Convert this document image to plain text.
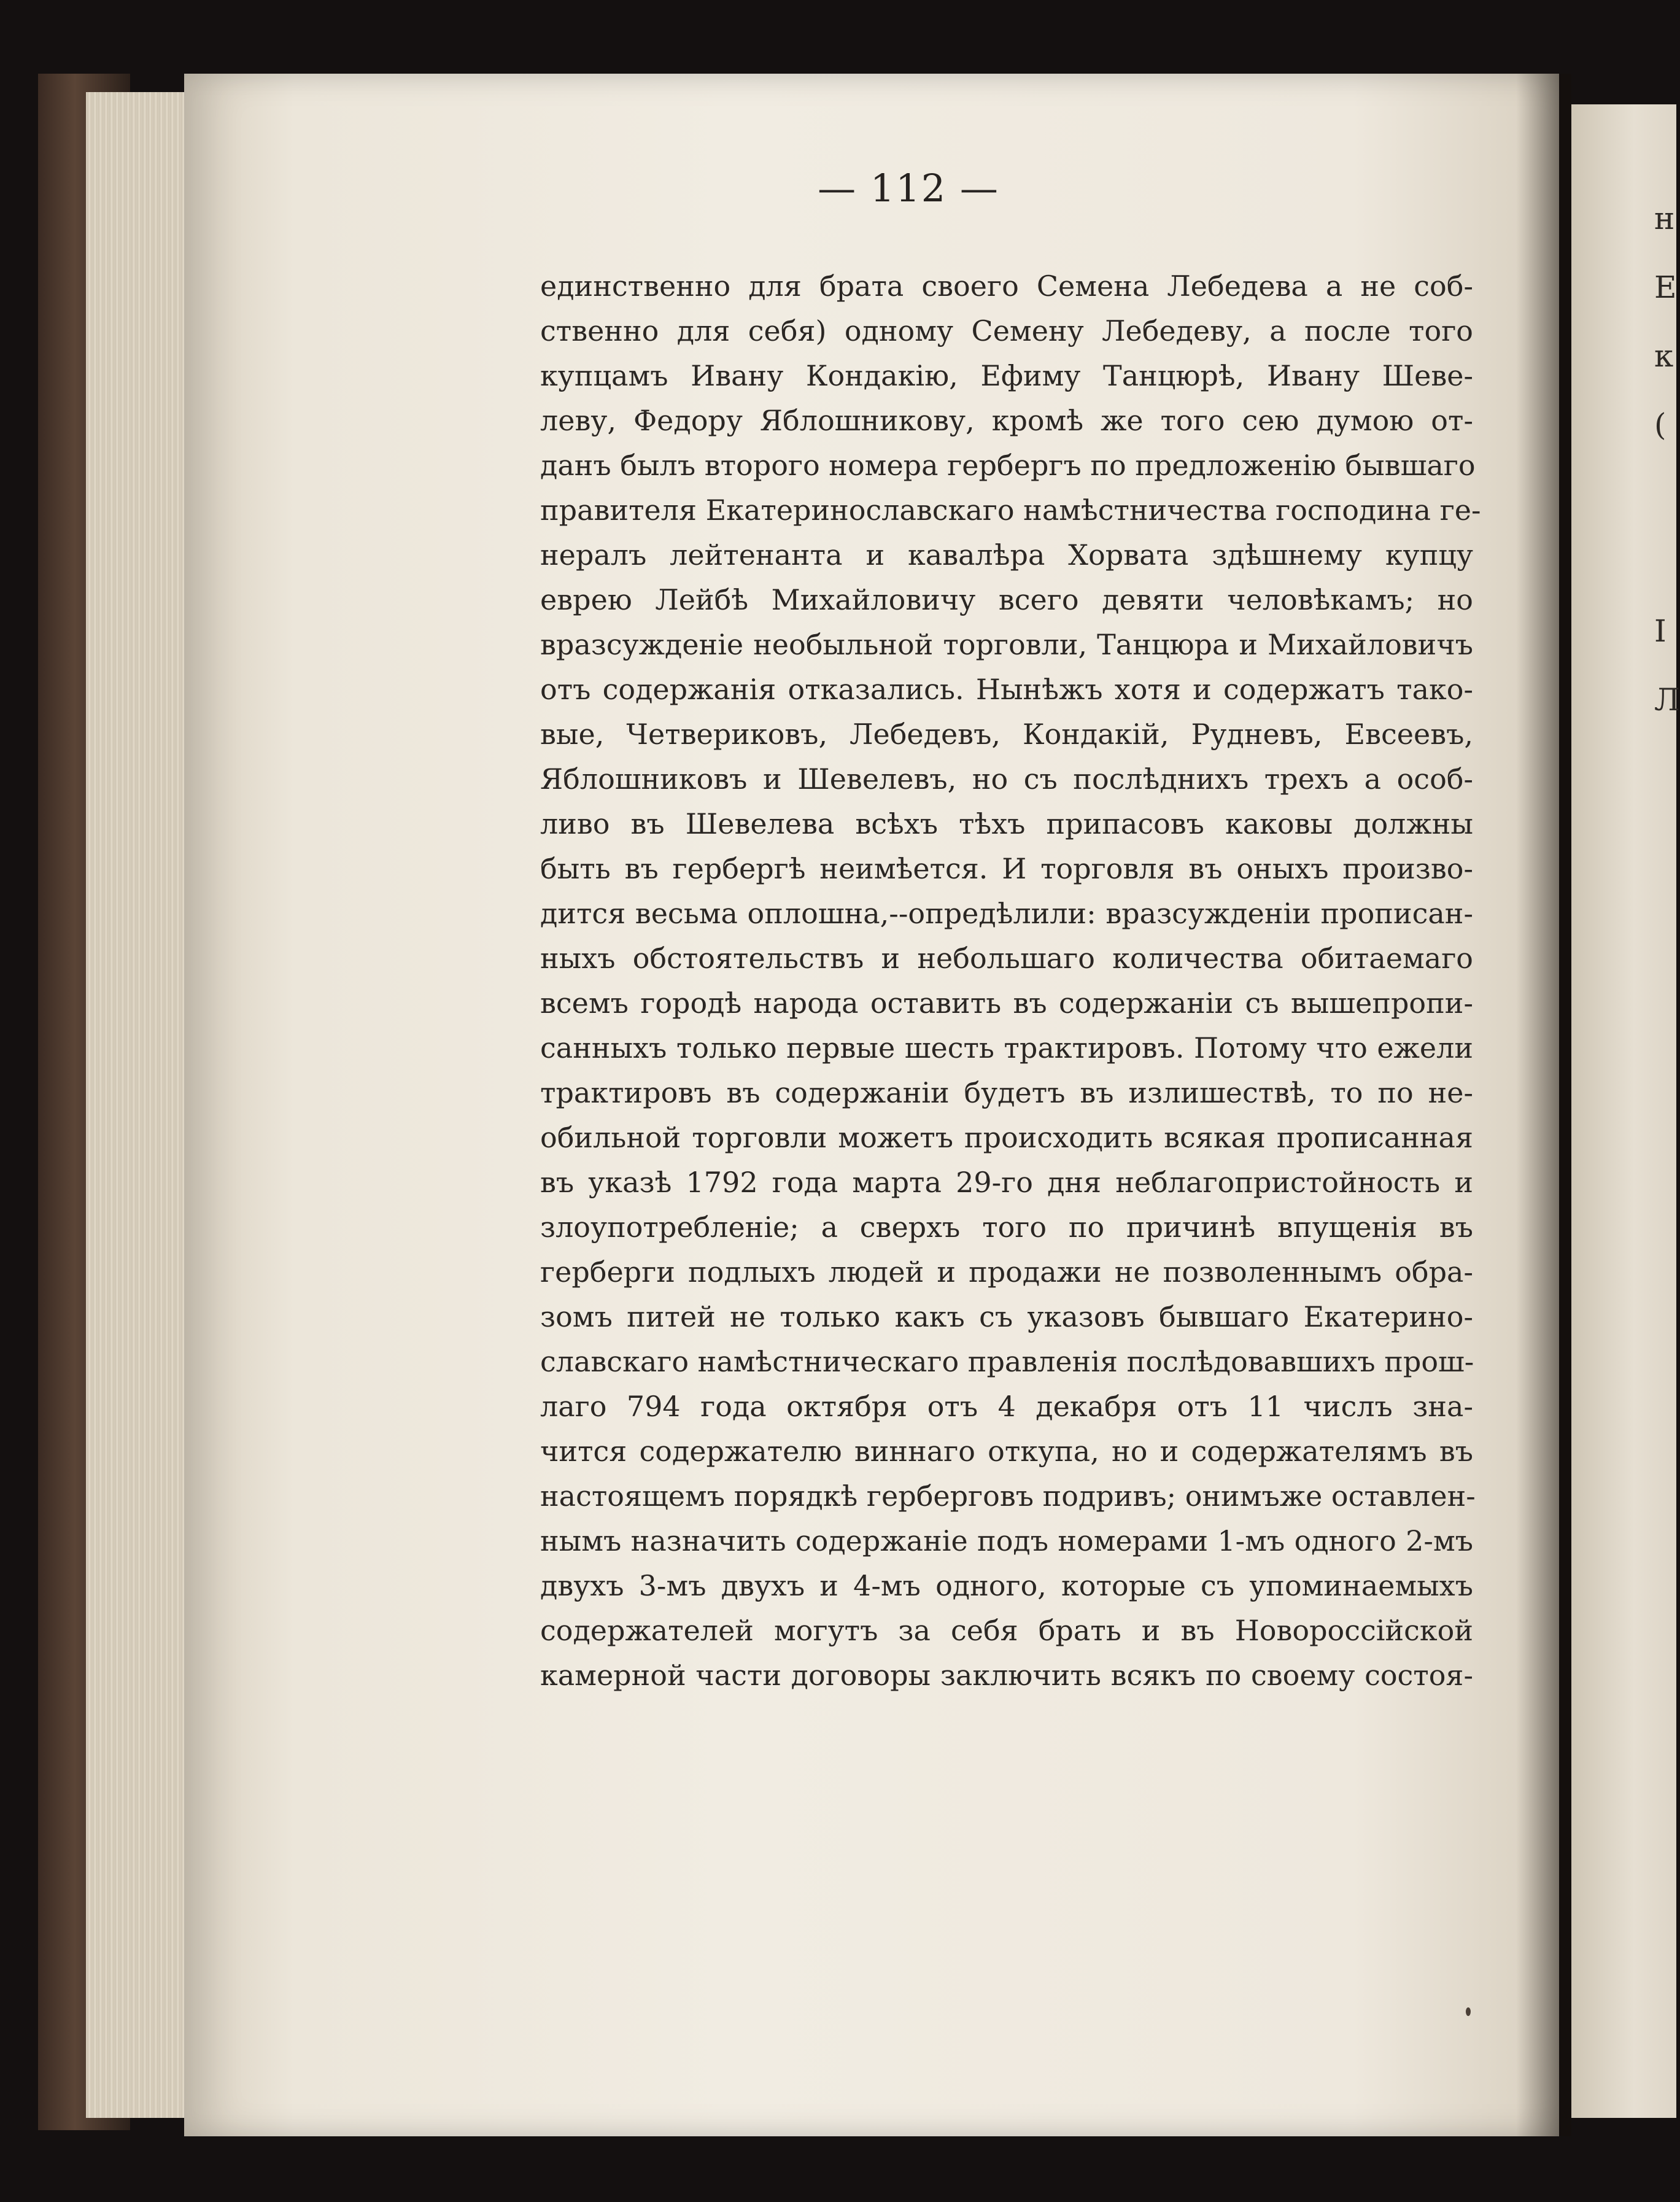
н
Е
к
(
І
Л
— 112 —
единственно для брата своего Семена Лебедева а не соб-
ственно для себя) одному Семену Лебедеву, а после того
купцамъ Ивану Кондакію, Ефиму Танцюрѣ, Ивану Шеве-
леву, Федору Яблошникову, кромѣ же того сею думою от-
данъ былъ второго номера гербергъ по предложенію бывшаго
правителя Екатеринославскаго намѣстничества господина ге-
нералъ лейтенанта и кавалѣра Хорвата здѣшнему купцу
еврею Лейбѣ Михайловичу всего девяти человѣкамъ; но
вразсужденіе необыльной торговли, Танцюра и Михайловичъ
отъ содержанія отказались. Нынѣжъ хотя и содержатъ тако-
вые, Четвериковъ, Лебедевъ, Кондакій, Рудневъ, Евсеевъ,
Яблошниковъ и Шевелевъ, но съ послѣднихъ трехъ а особ-
ливо въ Шевелева всѣхъ тѣхъ припасовъ каковы должны
быть въ гербергѣ неимѣется. И торговля въ оныхъ произво-
дится весьма оплошна,--опредѣлили: вразсужденіи прописан-
ныхъ обстоятельствъ и небольшаго количества обитаемаго
всемъ городѣ народа оставить въ содержаніи съ вышепропи-
санныхъ только первые шесть трактировъ. Потому что ежели
трактировъ въ содержаніи будетъ въ излишествѣ, то по не-
обильной торговли можетъ происходить всякая прописанная
въ указѣ 1792 года марта 29-го дня неблагопристойность и
злоупотребленіе; а сверхъ того по причинѣ впущенія въ
герберги подлыхъ людей и продажи не позволеннымъ обра-
зомъ питей не только какъ съ указовъ бывшаго Екатерино-
славскаго намѣстническаго правленія послѣдовавшихъ прош-
лаго 794 года октября отъ 4 декабря отъ 11 числъ зна-
чится содержателю виннаго откупа, но и содержателямъ въ
настоящемъ порядкѣ герберговъ подривъ; онимъже оставлен-
нымъ назначить содержаніе подъ номерами 1-мъ одного 2-мъ
двухъ 3-мъ двухъ и 4-мъ одного, которые съ упоминаемыхъ
содержателей могутъ за себя брать и въ Новороссійской
камерной части договоры заключить всякъ по своему состоя-
